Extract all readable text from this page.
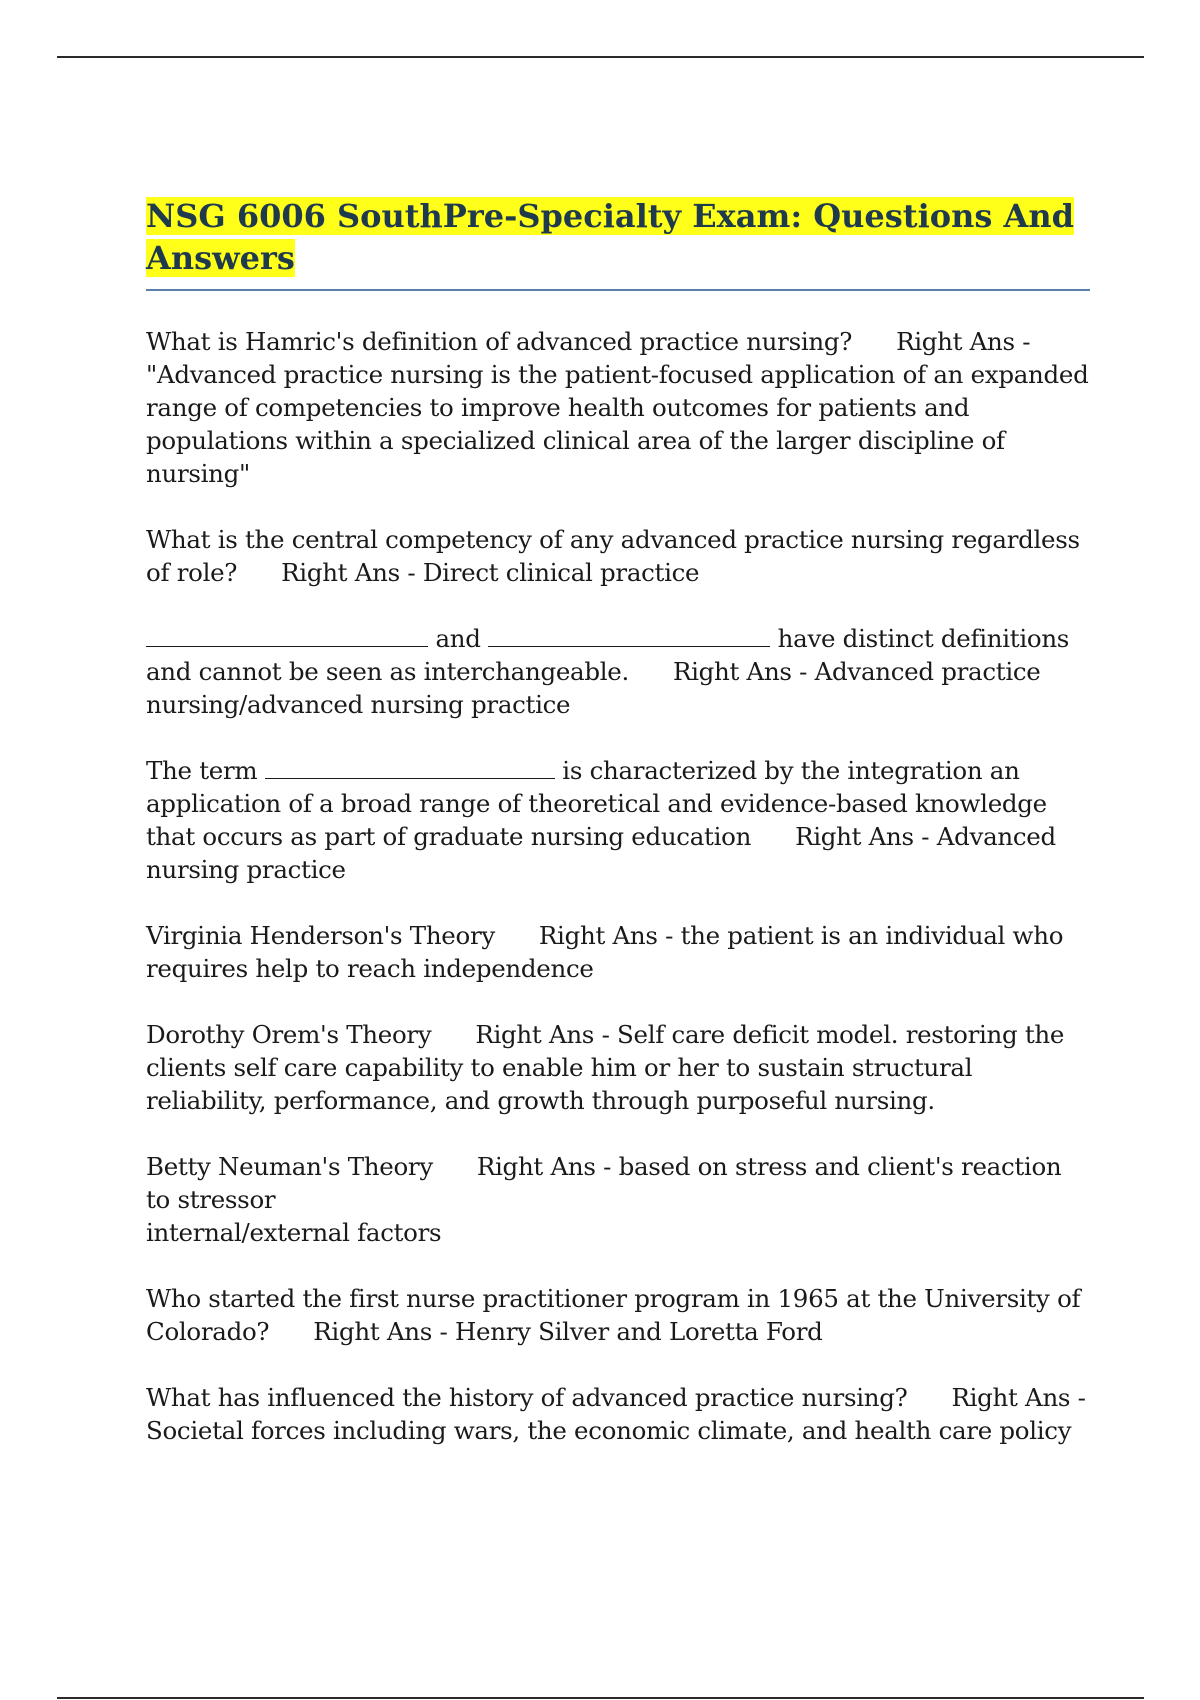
NSG 6006 SouthPre-Specialty Exam: Questions And Answers

What is Hamric's definition of advanced practice nursing? Right Ans - "Advanced practice nursing is the patient-focused application of an expanded range of competencies to improve health outcomes for patients and populations within a specialized clinical area of the larger discipline of nursing"

What is the central competency of any advanced practice nursing regardless of role? Right Ans - Direct clinical practice

and	have distinct definitions and cannot be seen as interchangeable. Right Ans - Advanced practice nursing/advanced nursing practice

The term	is characterized by the integration an application of a broad range of theoretical and evidence-based knowledge that occurs as part of graduate nursing education Right Ans - Advanced nursing practice

Virginia Henderson's Theory Right Ans - the patient is an individual who requires help to reach independence

Dorothy Orem's Theory Right Ans - Self care deficit model. restoring the clients self care capability to enable him or her to sustain structural reliability, performance, and growth through purposeful nursing.

Betty Neuman's Theory Right Ans - based on stress and client's reaction to stressor
internal/external factors

Who started the first nurse practitioner program in 1965 at the University of Colorado? Right Ans - Henry Silver and Loretta Ford

What has influenced the history of advanced practice nursing? Right Ans - Societal forces including wars, the economic climate, and health care policy
